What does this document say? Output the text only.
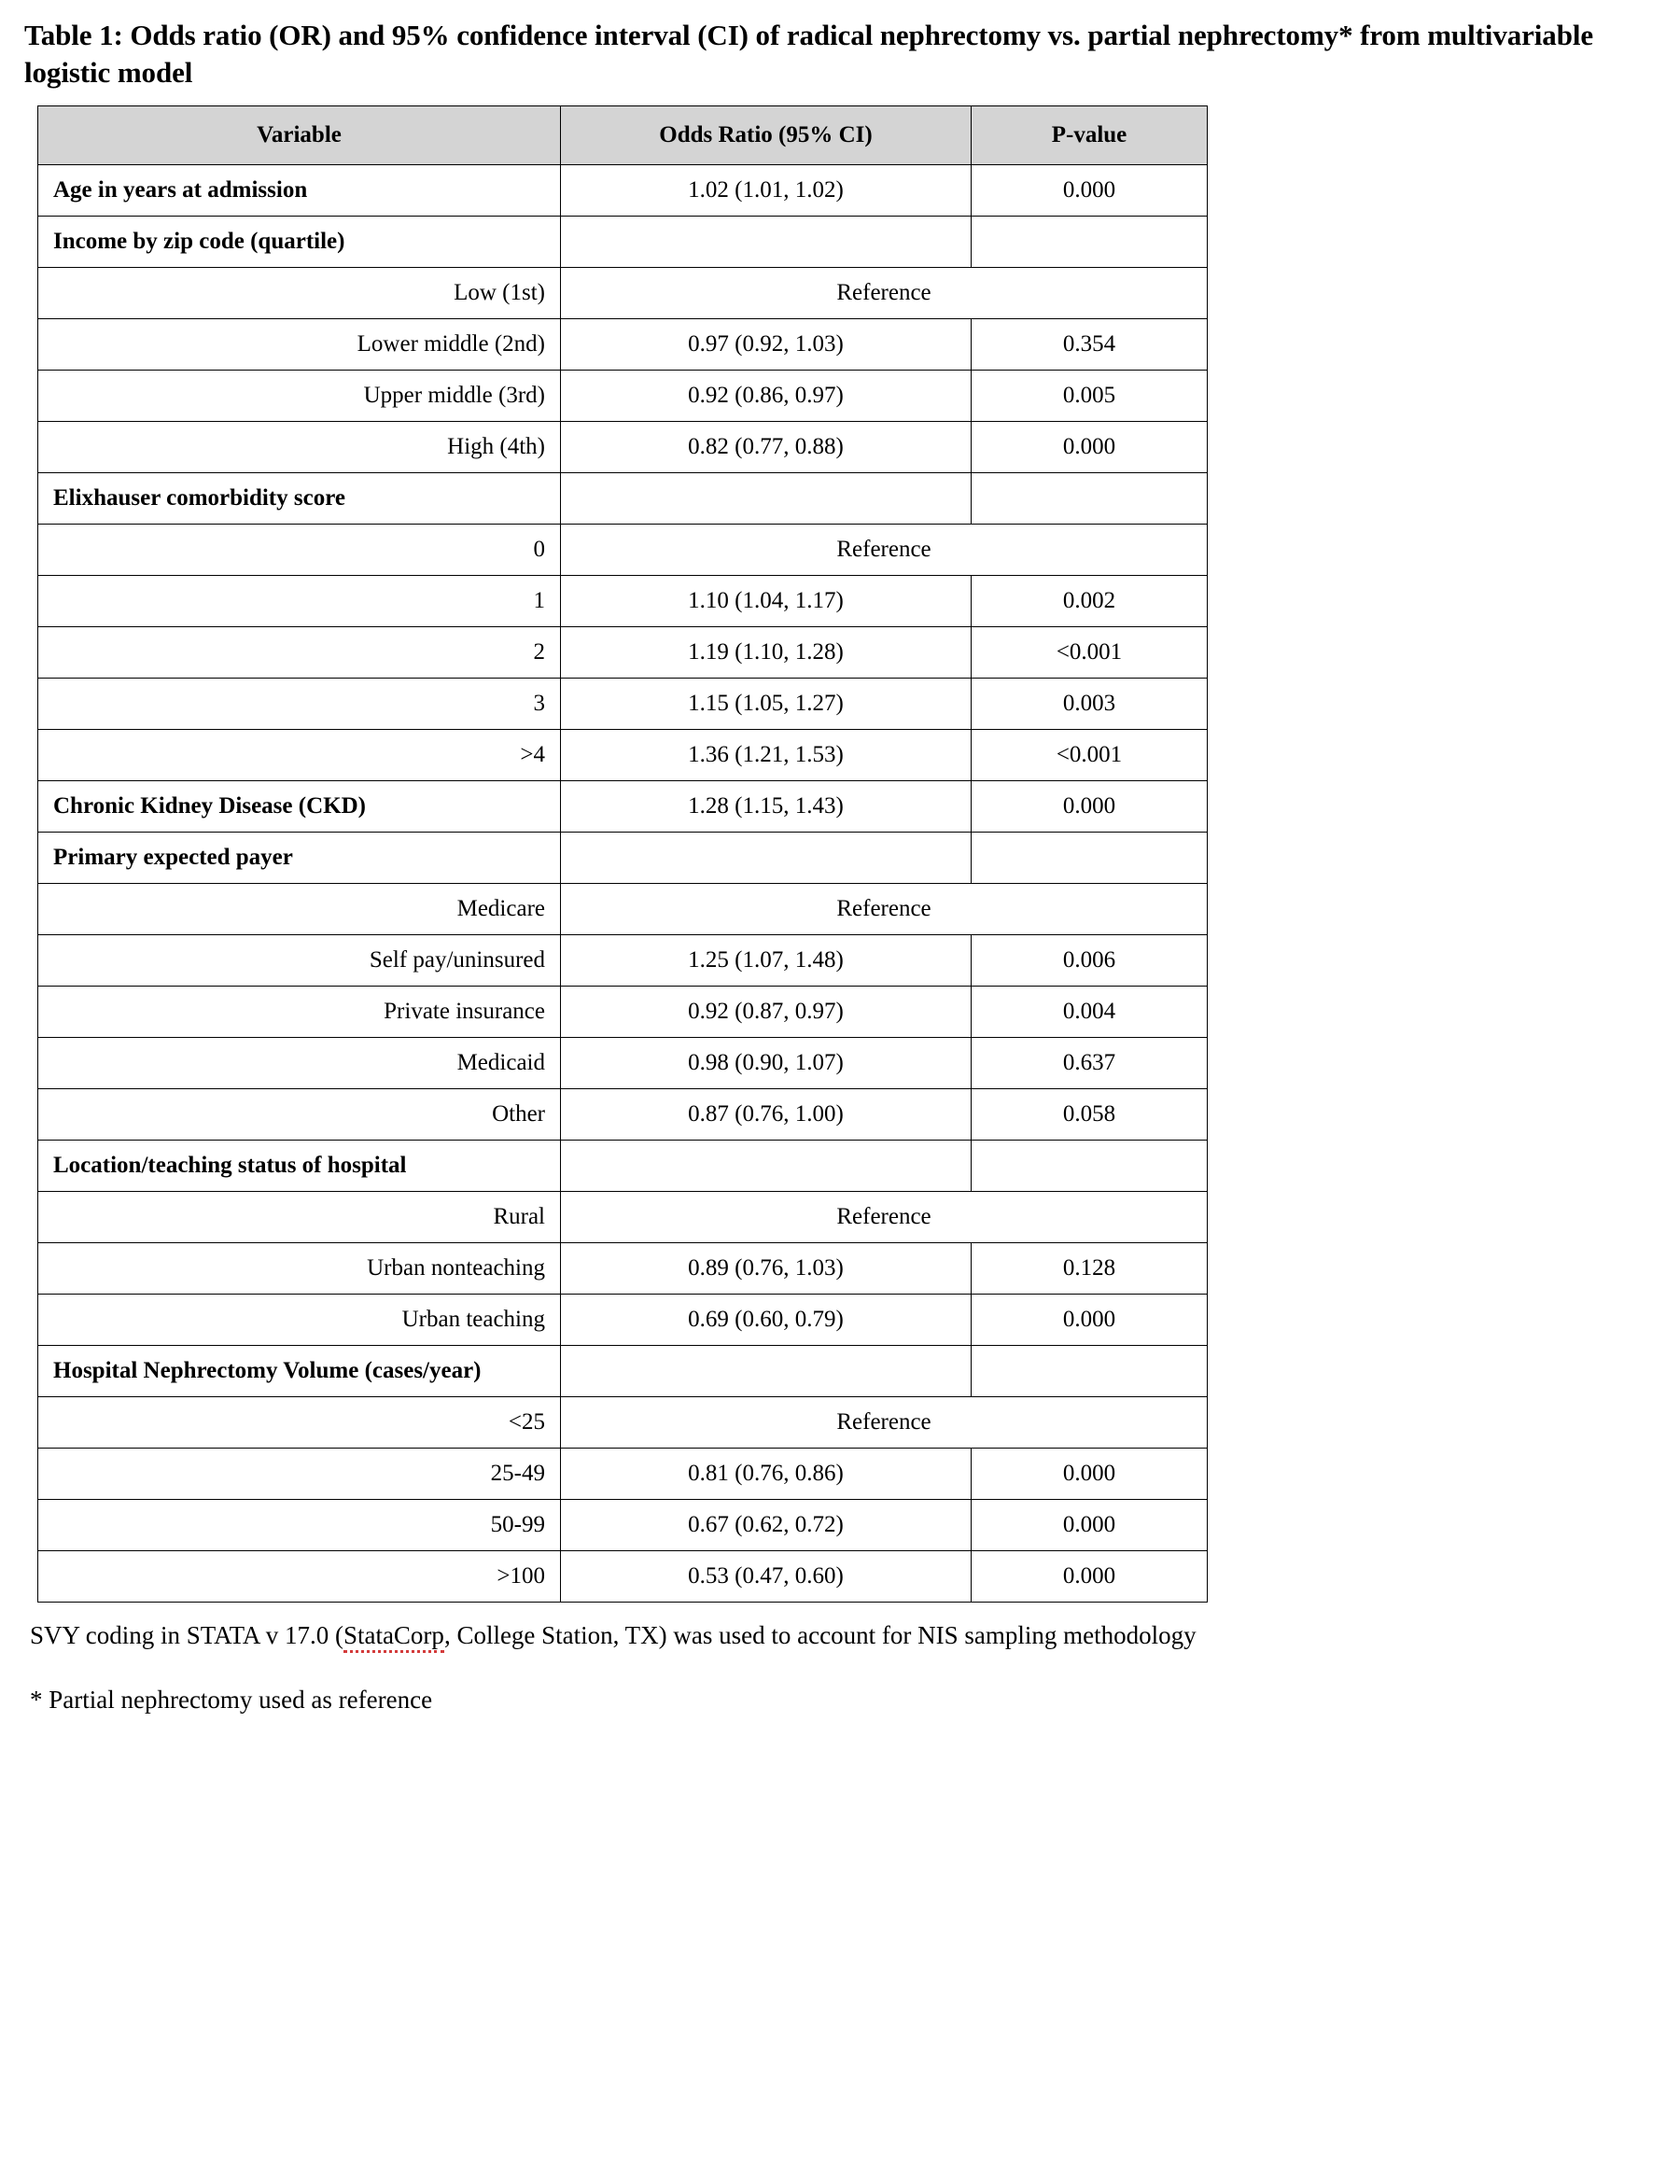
Table 1: Odds ratio (OR) and 95% confidence interval (CI) of radical nephrectomy vs. partial nephrectomy* from multivariable logistic model
Variable	Odds Ratio (95% CI)	P-value

Age in years at admission	1.02 (1.01, 1.02)	0.000

Income by zip code (quartile)		

Low (1st)	Reference	

Lower middle (2nd)	0.97 (0.92, 1.03)	0.354

Upper middle (3rd)	0.92 (0.86, 0.97)	0.005

High (4th)	0.82 (0.77, 0.88)	0.000

Elixhauser comorbidity score		

0	Reference	

1	1.10 (1.04, 1.17)	0.002

2	1.19 (1.10, 1.28)	<0.001

3	1.15 (1.05, 1.27)	0.003

>4	1.36 (1.21, 1.53)	<0.001

Chronic Kidney Disease (CKD)	1.28 (1.15, 1.43)	0.000

Primary expected payer		

Medicare	Reference	

Self pay/uninsured	1.25 (1.07, 1.48)	0.006

Private insurance	0.92 (0.87, 0.97)	0.004

Medicaid	0.98 (0.90, 1.07)	0.637

Other	0.87 (0.76, 1.00)	0.058

Location/teaching status of hospital		

Rural	Reference	

Urban nonteaching	0.89 (0.76, 1.03)	0.128

Urban teaching	0.69 (0.60, 0.79)	0.000

Hospital Nephrectomy Volume (cases/year)		

<25	Reference	

25-49	0.81 (0.76, 0.86)	0.000

50-99	0.67 (0.62, 0.72)	0.000

>100	0.53 (0.47, 0.60)	0.000
SVY coding in STATA v 17.0 (StataCorp, College Station, TX) was used to account for NIS sampling methodology
* Partial nephrectomy used as reference
